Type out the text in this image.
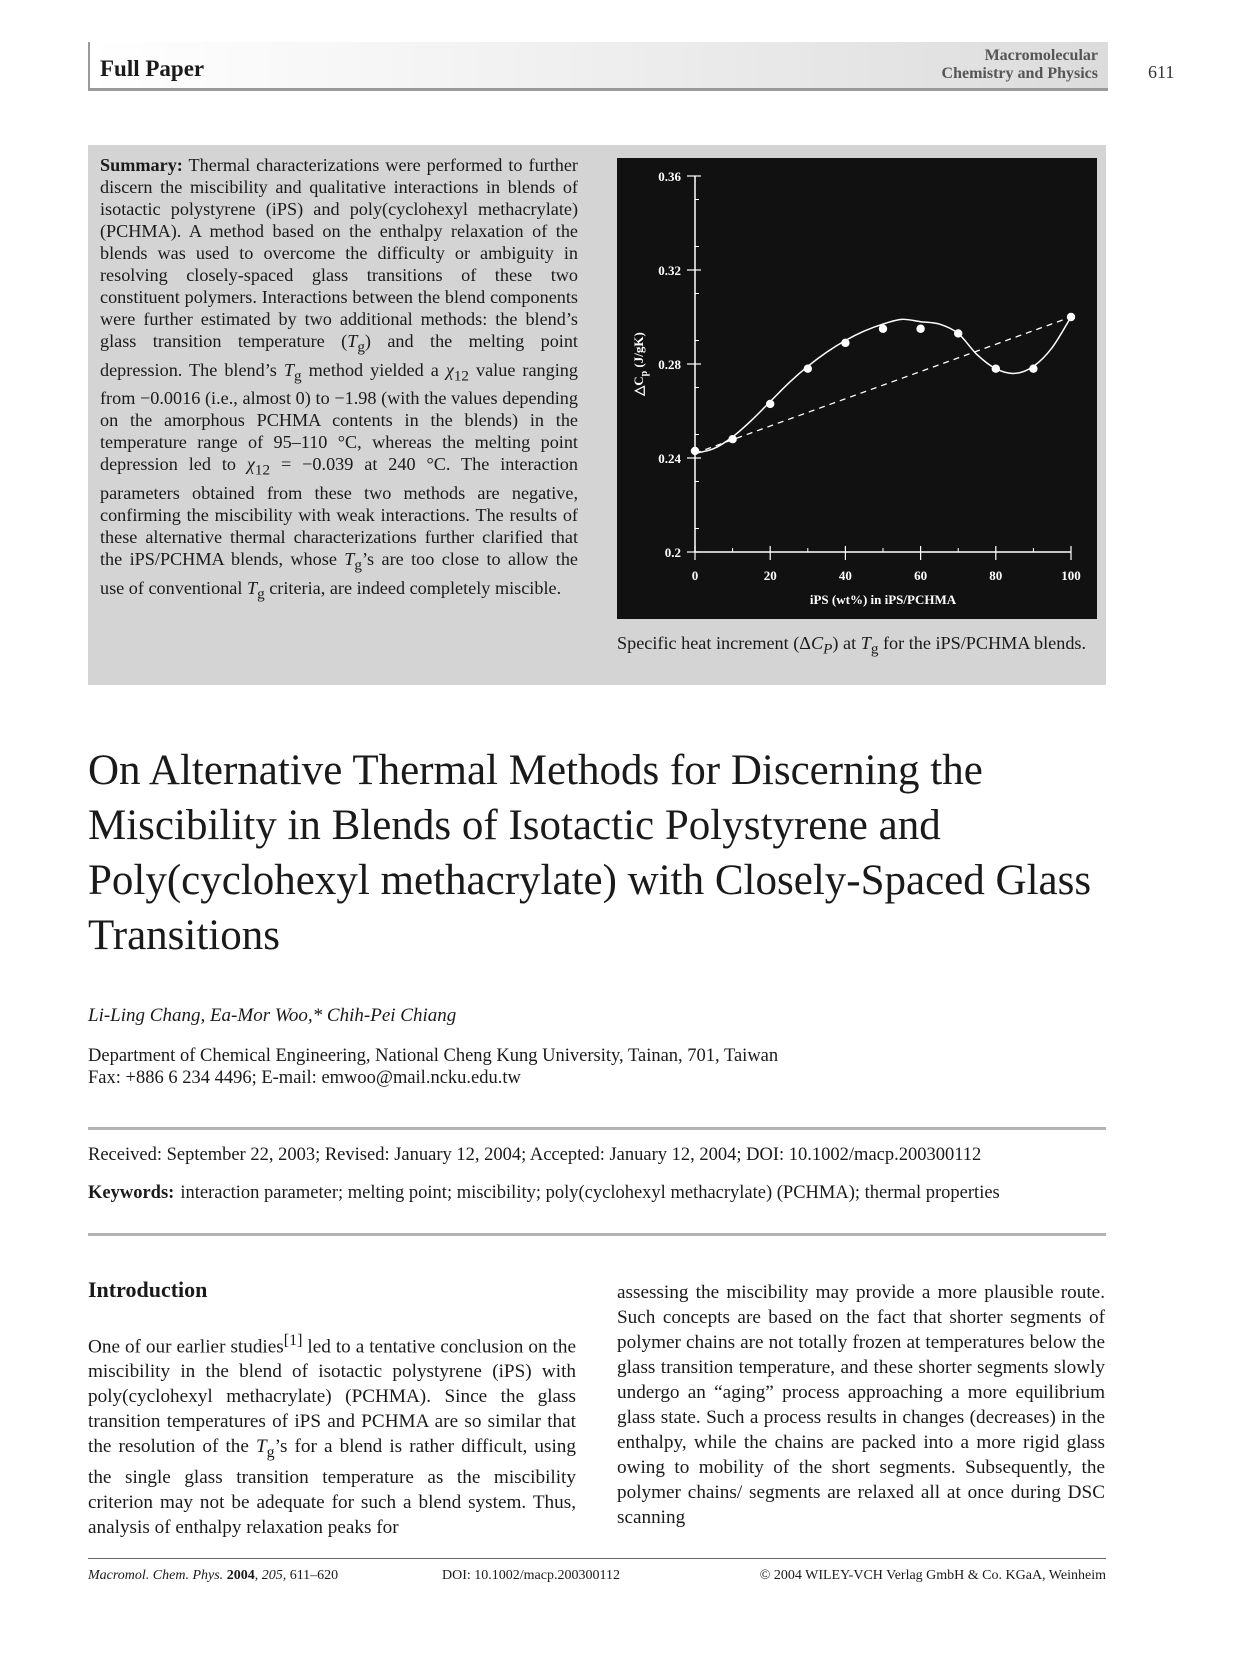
Full Paper
Macromolecular
Chemistry and Physics	611
Summary: Thermal characterizations were performed to further discern the miscibility and qualitative interactions in blends of isotactic polystyrene (iPS) and poly(cyclohexyl methacrylate) (PCHMA). A method based on the enthalpy relaxation of the blends was used to overcome the difficulty or ambiguity in resolving closely-spaced glass transitions of these two constituent polymers. Interactions between the blend components were further estimated by two additional methods: the blend’s glass transition temperature $(T_g)$ and the melting point depression. The blend’s $T_g$ method yielded a $\chi_{12}$ value ranging from −0.0016 (i.e., almost 0) to −1.98 (with the values depending on the amorphous PCHMA contents in the blends) in the temperature range of 95–110 °C, whereas the melting point depression led to $\chi_{12} = -0.039$ at 240 °C. The interaction parameters obtained from these two methods are negative, confirming the miscibility with weak interactions. The results of these alternative thermal characterizations further clarified that the iPS/PCHMA blends, whose $T_g’s$ are too close to allow the use of conventional $T_g$ criteria, are indeed completely miscible.
0.2
0.24
0.28
0.32
0.36
0	20	40	60	80	100
iPS (wt%) in iPS/PCHMA
$\triangle C_p$ (J/gK)
Specific heat increment $(\Delta C_P)$ at $T_g$ for the iPS/PCHMA blends.
On Alternative Thermal Methods for Discerning the Miscibility in Blends of Isotactic Polystyrene and Poly(cyclohexyl methacrylate) with Closely-Spaced Glass Transitions
Li-Ling Chang, Ea-Mor Woo,* Chih-Pei Chiang
Department of Chemical Engineering, National Cheng Kung University, Tainan, 701, Taiwan
Fax: +886 6 234 4496; E-mail: emwoo@mail.ncku.edu.tw
Received: September 22, 2003; Revised: January 12, 2004; Accepted: January 12, 2004; DOI: 10.1002/macp.200300112
Keywords: interaction parameter; melting point; miscibility; poly(cyclohexyl methacrylate) (PCHMA); thermal properties
Introduction

One of our earlier studies[1] led to a tentative conclusion on the miscibility in the blend of isotactic polystyrene (iPS) with poly(cyclohexyl methacrylate) (PCHMA). Since the glass transition temperatures of iPS and PCHMA are so similar that the resolution of the $T_g’s$ for a blend is rather difficult, using the single glass transition temperature as the miscibility criterion may not be adequate for such a blend system. Thus, analysis of enthalpy relaxation peaks for

assessing the miscibility may provide a more plausible route. Such concepts are based on the fact that shorter segments of polymer chains are not totally frozen at temperatures below the glass transition temperature, and these shorter segments slowly undergo an “aging” process approaching a more equilibrium glass state. Such a process results in changes (decreases) in the enthalpy, while the chains are packed into a more rigid glass owing to mobility of the short segments. Subsequently, the polymer chains/ segments are relaxed all at once during DSC scanning

Macromol. Chem. Phys. 2004, 205, 611–620	DOI: 10.1002/macp.200300112	© 2004 WILEY-VCH Verlag GmbH & Co. KGaA, Weinheim
